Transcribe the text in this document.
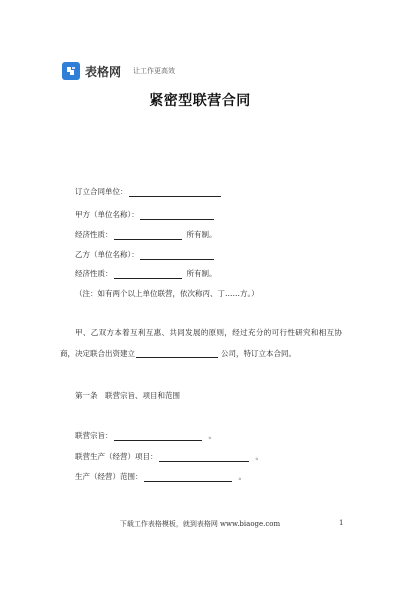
表格网 让工作更高效
紧密型联营合同
订立合同单位：
甲方（单位名称）：
经济性质：	所有制。
乙方（单位名称）：
经济性质：	所有制。
（注：如有两个以上单位联营，依次称丙、丁……方。）
甲、乙双方本着互利互惠、共同发展的原则，经过充分的可行性研究和相互协商，决定联合出资建立	公司，特订立本合同。
第一条　联营宗旨、项目和范围
联营宗旨：	。
联营生产（经营）项目：	。
生产（经营）范围：	。
下载工作表格模板，就到表格网 www.biaoge.com	1
